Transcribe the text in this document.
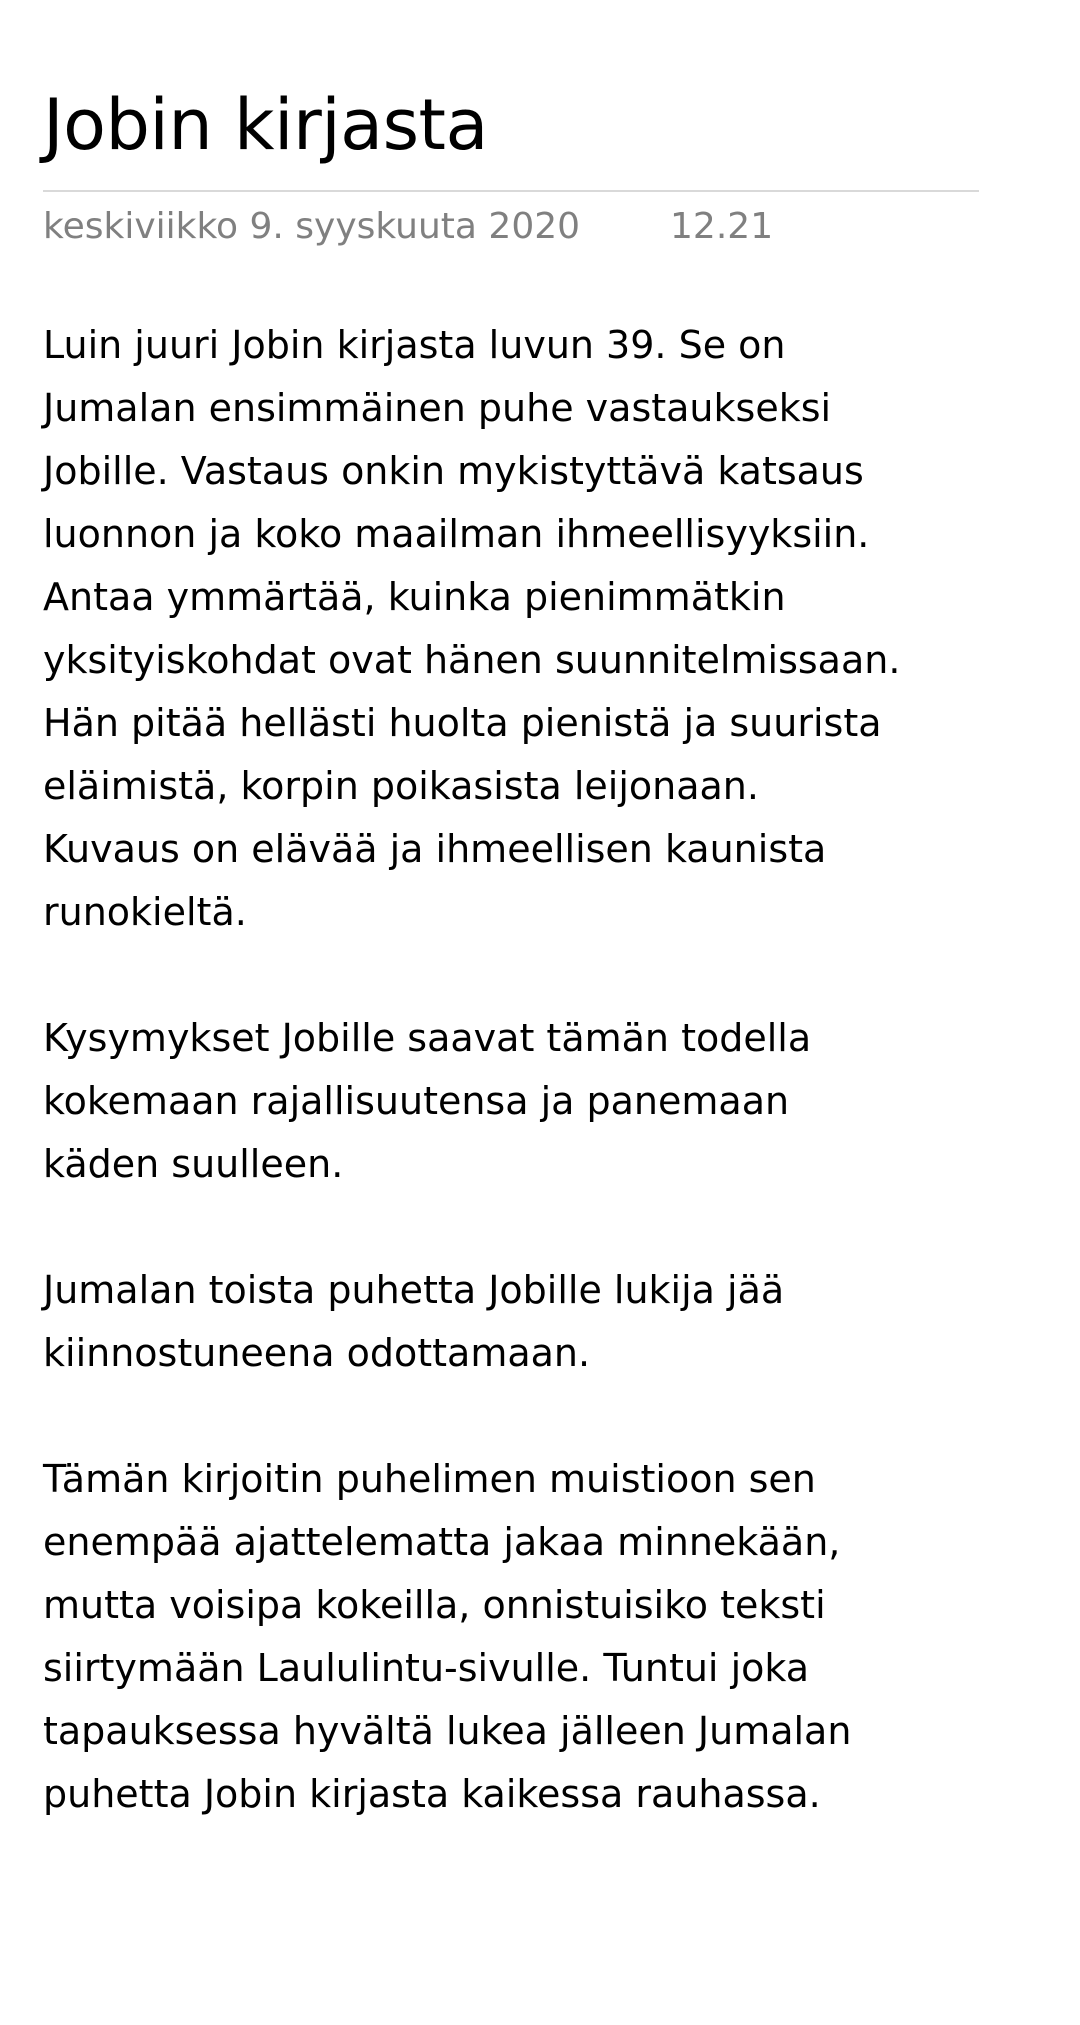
Jobin kirjasta
keskiviikko 9. syyskuuta 2020	12.21

Luin juuri Jobin kirjasta luvun 39. Se on
Jumalan ensimmäinen puhe vastaukseksi
Jobille. Vastaus onkin mykistyttävä katsaus
luonnon ja koko maailman ihmeellisyyksiin.
Antaa ymmärtää, kuinka pienimmätkin
yksityiskohdat ovat hänen suunnitelmissaan.
Hän pitää hellästi huolta pienistä ja suurista
eläimistä, korpin poikasista leijonaan.
Kuvaus on elävää ja ihmeellisen kaunista
runokieltä.

Kysymykset Jobille saavat tämän todella
kokemaan rajallisuutensa ja panemaan
käden suulleen.

Jumalan toista puhetta Jobille lukija jää
kiinnostuneena odottamaan.

Tämän kirjoitin puhelimen muistioon sen
enempää ajattelematta jakaa minnekään,
mutta voisipa kokeilla, onnistuisiko teksti
siirtymään Laululintu-sivulle. Tuntui joka
tapauksessa hyvältä lukea jälleen Jumalan
puhetta Jobin kirjasta kaikessa rauhassa.
